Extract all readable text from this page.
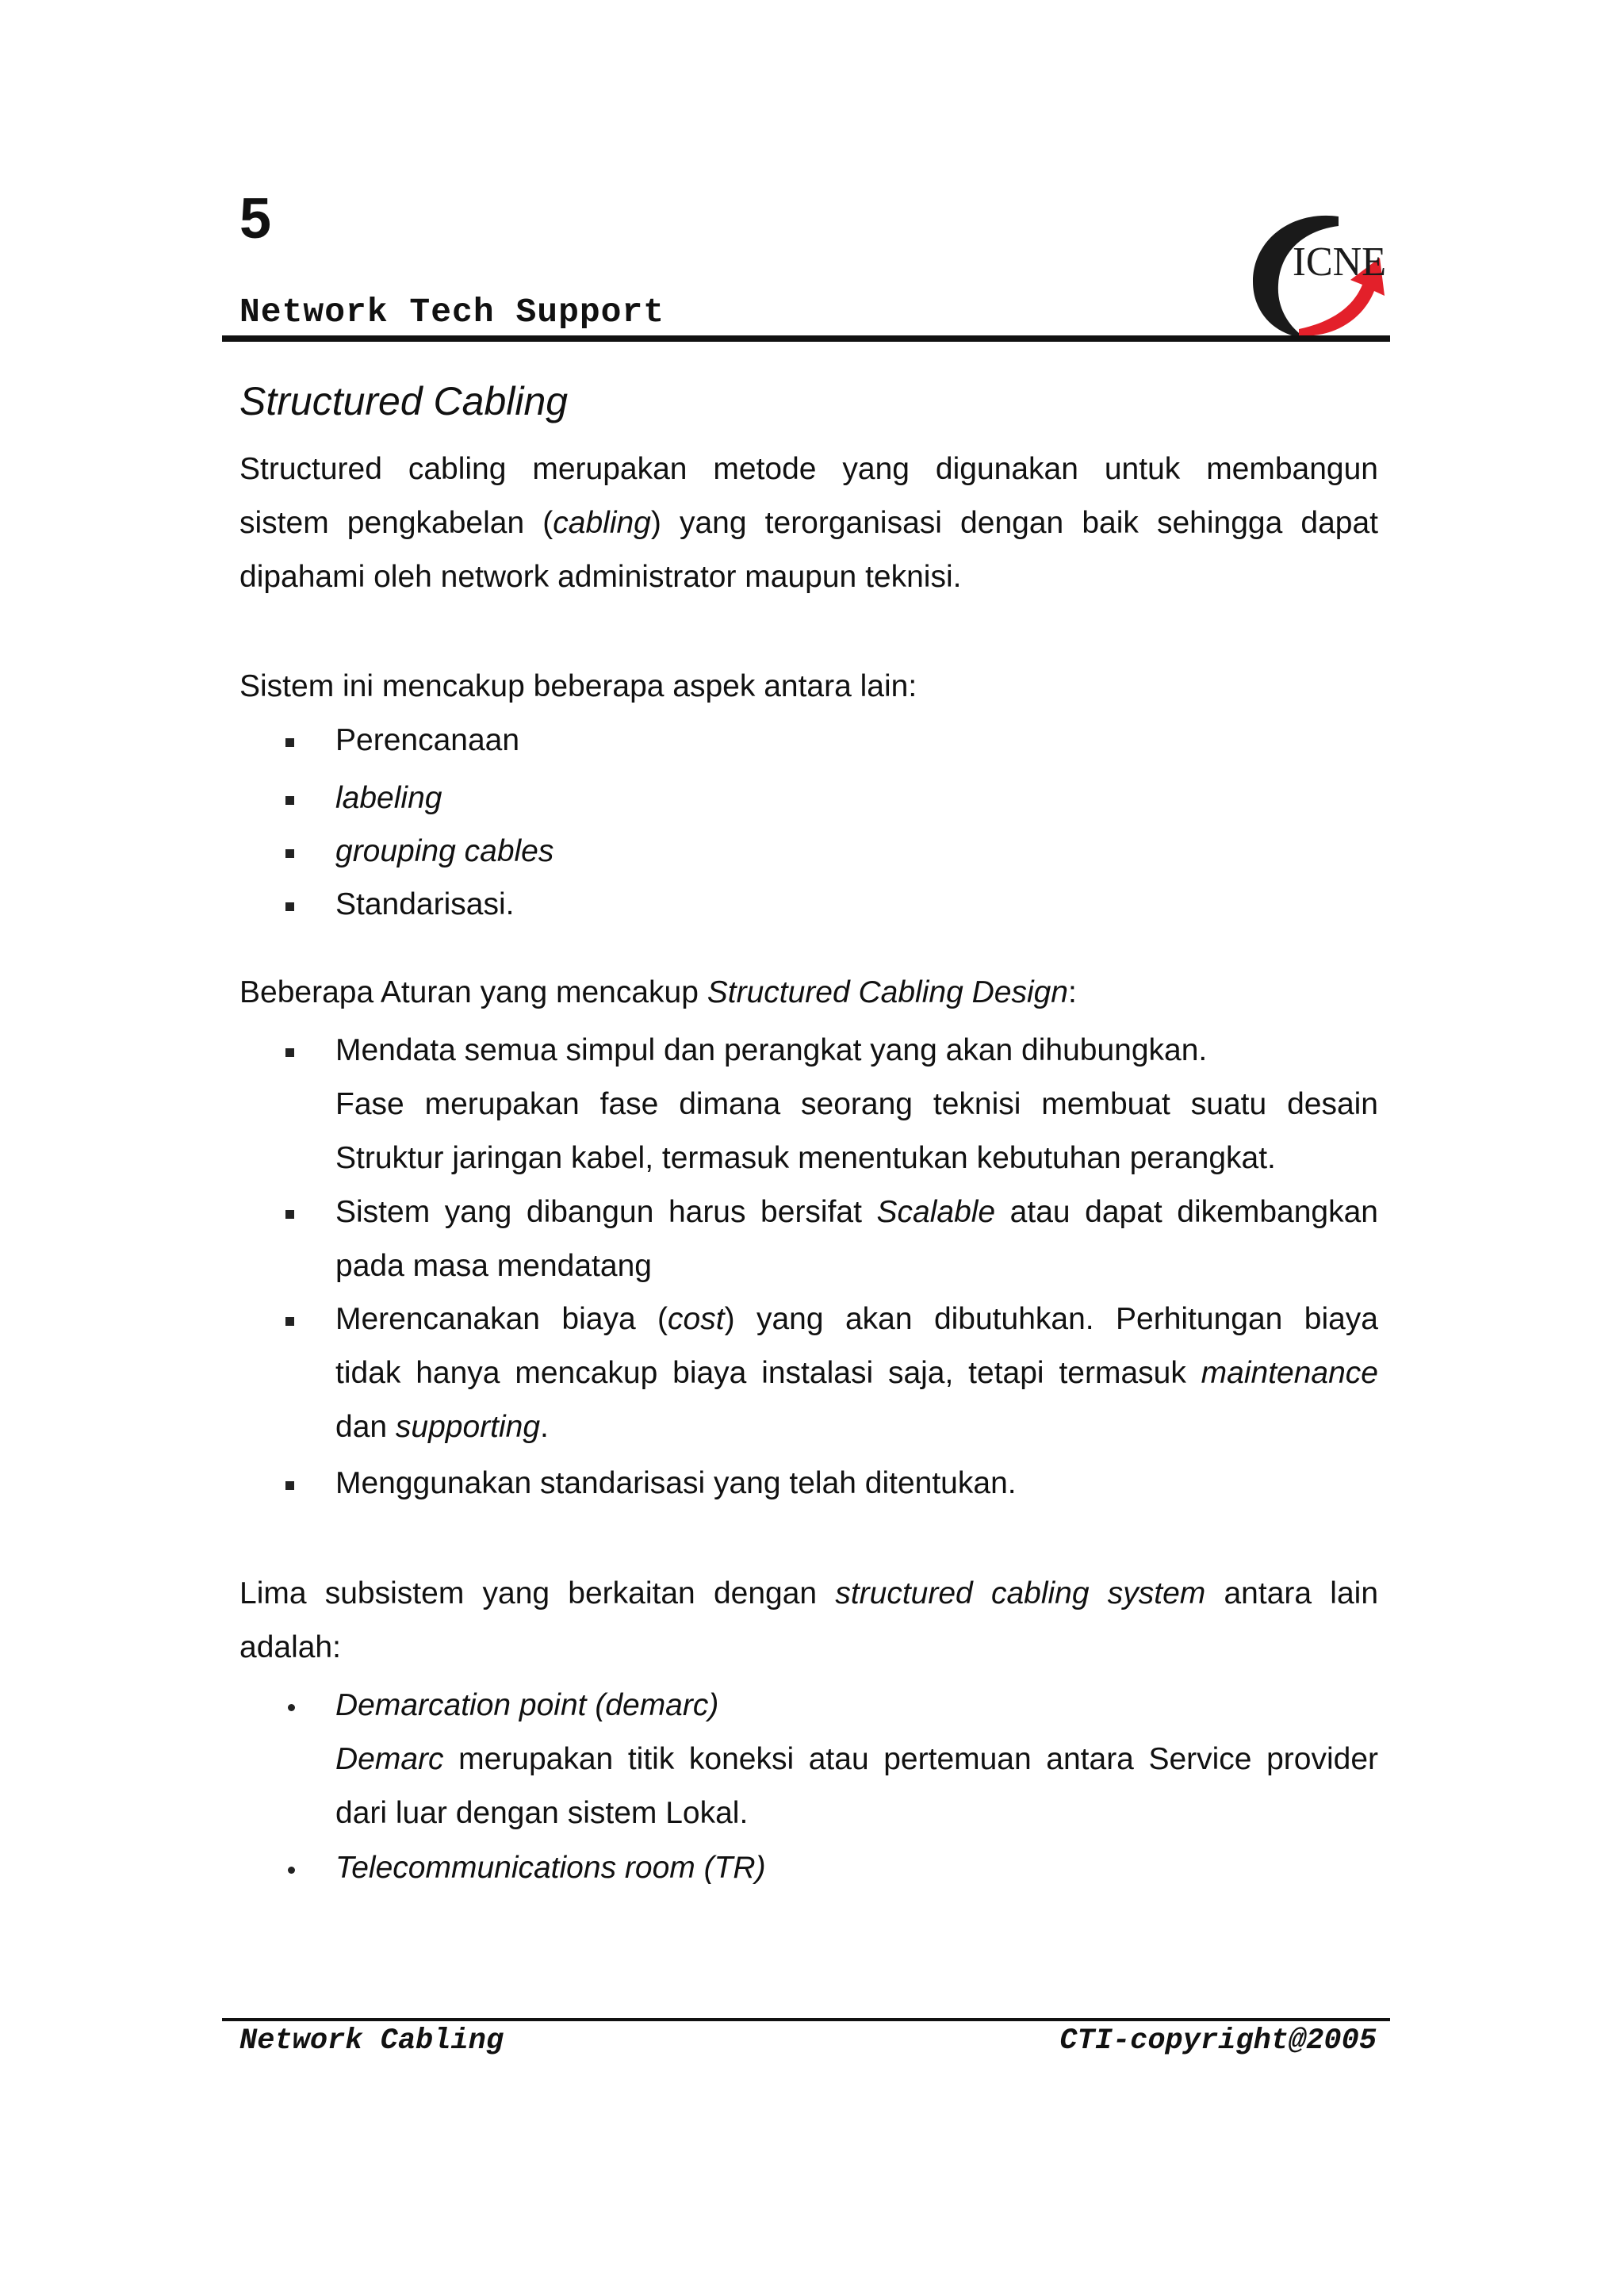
5
Network Tech Support
ICNE
Structured Cabling
Structured cabling merupakan metode yang digunakan untuk membangun
sistem pengkabelan (cabling) yang terorganisasi dengan baik sehingga dapat
dipahami oleh network administrator maupun teknisi.
Sistem ini mencakup beberapa aspek antara lain:
Perencanaan
labeling
grouping cables
Standarisasi.
Beberapa Aturan yang mencakup Structured Cabling Design:
Mendata semua simpul dan perangkat yang akan dihubungkan.
Fase merupakan fase dimana seorang teknisi membuat suatu desain
Struktur jaringan kabel, termasuk menentukan kebutuhan perangkat.
Sistem yang dibangun harus bersifat Scalable atau dapat dikembangkan
pada masa mendatang
Merencanakan biaya (cost) yang akan dibutuhkan. Perhitungan biaya
tidak hanya mencakup biaya instalasi saja, tetapi termasuk maintenance
dan supporting.
Menggunakan standarisasi yang telah ditentukan.
Lima subsistem yang berkaitan dengan structured cabling system antara lain
adalah:
Demarcation point (demarc)
Demarc merupakan titik koneksi atau pertemuan antara Service provider
dari luar dengan sistem Lokal.
Telecommunications room (TR)
Network Cabling	CTI-copyright@2005
